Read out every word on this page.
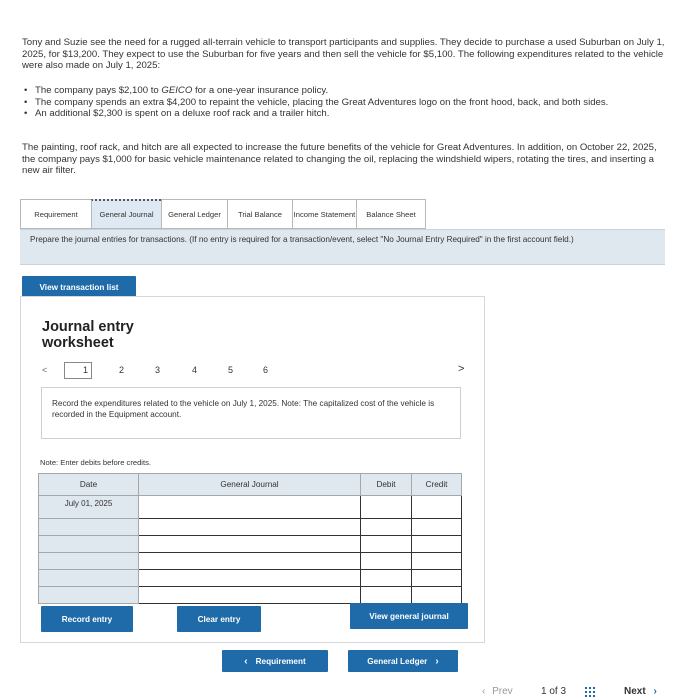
Tony and Suzie see the need for a rugged all-terrain vehicle to transport participants and supplies. They decide to purchase a used Suburban on July 1, 2025, for $13,200. They expect to use the Suburban for five years and then sell the vehicle for $5,100. The following expenditures related to the vehicle were also made on July 1, 2025:
• The company pays $2,100 to GEICO for a one-year insurance policy.
• The company spends an extra $4,200 to repaint the vehicle, placing the Great Adventures logo on the front hood, back, and both sides.
• An additional $2,300 is spent on a deluxe roof rack and a trailer hitch.
The painting, roof rack, and hitch are all expected to increase the future benefits of the vehicle for Great Adventures. In addition, on October 22, 2025, the company pays $1,000 for basic vehicle maintenance related to changing the oil, replacing the windshield wipers, rotating the tires, and inserting a new air filter.
Requirement	General Journal	General Ledger	Trial Balance	Income Statement	Balance Sheet
Prepare the journal entries for transactions. (If no entry is required for a transaction/event, select "No Journal Entry Required" in the first account field.)
View transaction list
Journal entry worksheet
<	1	2	3	4	5	6	>
Record the expenditures related to the vehicle on July 1, 2025. Note: The capitalized cost of the vehicle is recorded in the Equipment account.
Note: Enter debits before credits.
Date	General Journal	Debit	Credit
July 01, 2025			

Record entry	Clear entry	View general journal
‹ Requirement	General Ledger ›
‹ Prev	1 of 3	Next ›
